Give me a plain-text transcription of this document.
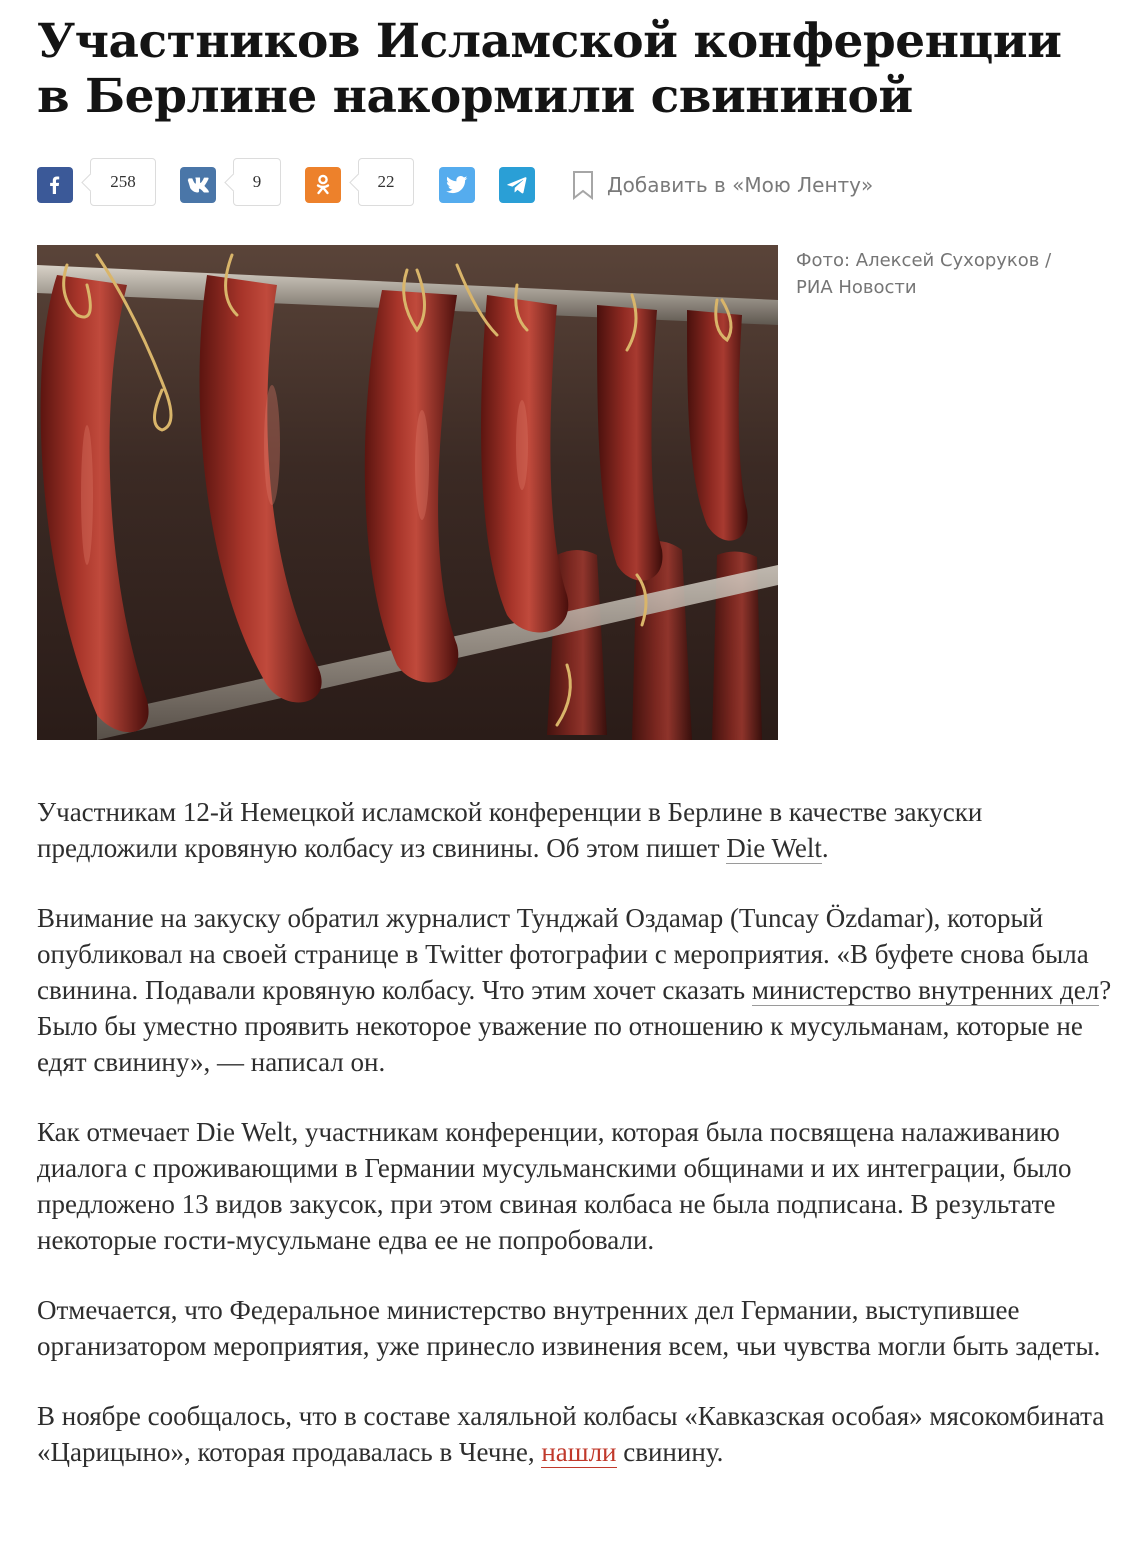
Участников Исламской конференции
в Берлине накормили свининой
258	9	22	Добавить в «Мою Ленту»
Фото: Алексей Сухоруков /
РИА Новости

Участникам 12-й Немецкой исламской конференции в Берлине в качестве закуски предложили кровяную колбасу из свинины. Об этом пишет Die Welt.

Внимание на закуску обратил журналист Тунджай Оздамар (Tuncay Özdamar), который опубликовал на своей странице в Twitter фотографии с мероприятия. «В буфете снова была свинина. Подавали кровяную колбасу. Что этим хочет сказать министерство внутренних дел? Было бы уместно проявить некоторое уважение по отношению к мусульманам, которые не едят свинину», — написал он.

Как отмечает Die Welt, участникам конференции, которая была посвящена налаживанию диалога с проживающими в Германии мусульманскими общинами и их интеграции, было предложено 13 видов закусок, при этом свиная колбаса не была подписана. В результате некоторые гости-мусульмане едва ее не попробовали.

Отмечается, что Федеральное министерство внутренних дел Германии, выступившее организатором мероприятия, уже принесло извинения всем, чьи чувства могли быть задеты.

В ноябре сообщалось, что в составе халяльной колбасы «Кавказская особая» мясокомбината «Царицыно», которая продавалась в Чечне, нашли свинину.
